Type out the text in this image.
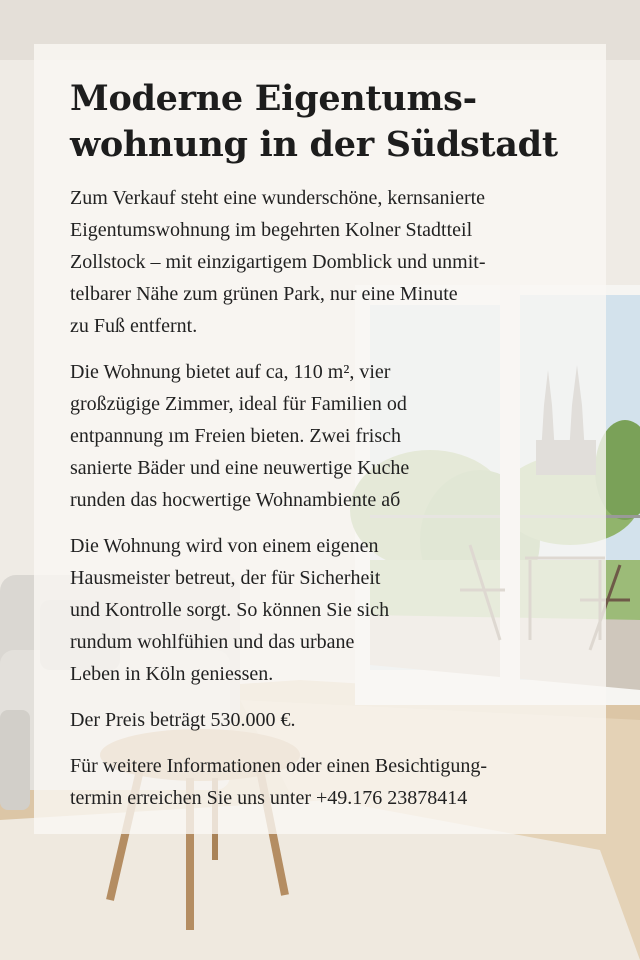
Moderne Eigentums-
wohnung in der Südstadt

Zum Verkauf steht eine wunderschöne, kernsanierte
Eigentumswohnung im begehrten Kolner Stadtteil
Zollstock – mit einzigartigem Domblick und unmit-
telbarer Nähe zum grünen Park, nur eine Minute
zu Fuß entfernt.

Die Wohnung bietet auf ca, 110 m², vier
großzügige Zimmer, ideal für Familien od
entpannung ım Freien bieten. Zwei frisch
sanierte Bäder und eine neuwertige Kuche
runden das hocwertige Wohnambiente aб

Die Wohnung wird von einem eigenen
Hausmeister betreut, der für Sicherheit
und Kontrolle sorgt. So können Sie sich
rundum wohlfühien und das urbane
Leben in Köln geniessen.

Der Preis beträgt 530.000 €.

Für weitere Informationen oder einen Besichtigung-
termin erreichen Sie uns unter +49.176 23878414
